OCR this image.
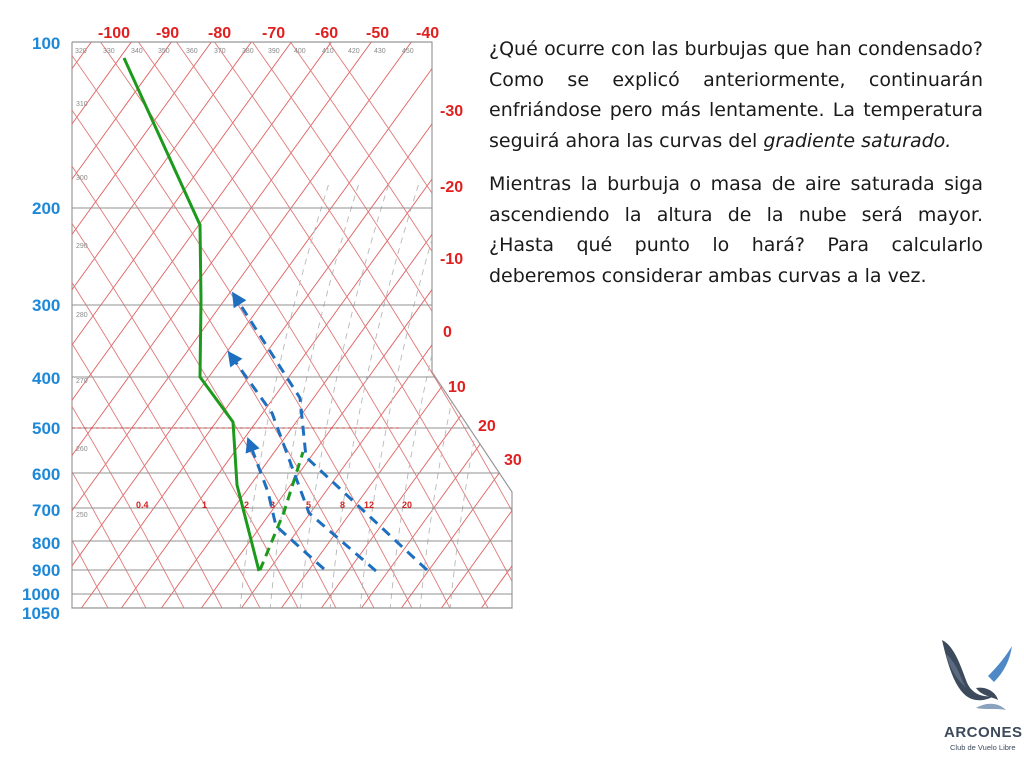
100
200
300
400
500
600
700
800
900
1000
1050
-100 -90 -80 -70 -60 -50 -40
-30
-20
-10
0
10
20
30
320 330 340 350 360 370 380 390 400 410 420 430 450
310
300
290
280
270
260
250
0.4	1	2 3	5	8 12	20

¿Qué ocurre con las burbujas que han condensado? Como se explicó anteriormente, continuarán enfriándose pero más lentamente. La temperatura seguirá ahora las curvas del gradiente saturado.

Mientras la burbuja o masa de aire saturada siga ascendiendo la altura de la nube será mayor. ¿Hasta qué punto lo hará? Para calcularlo deberemos considerar ambas curvas a la vez.

ARCONES
Club de Vuelo Libre
